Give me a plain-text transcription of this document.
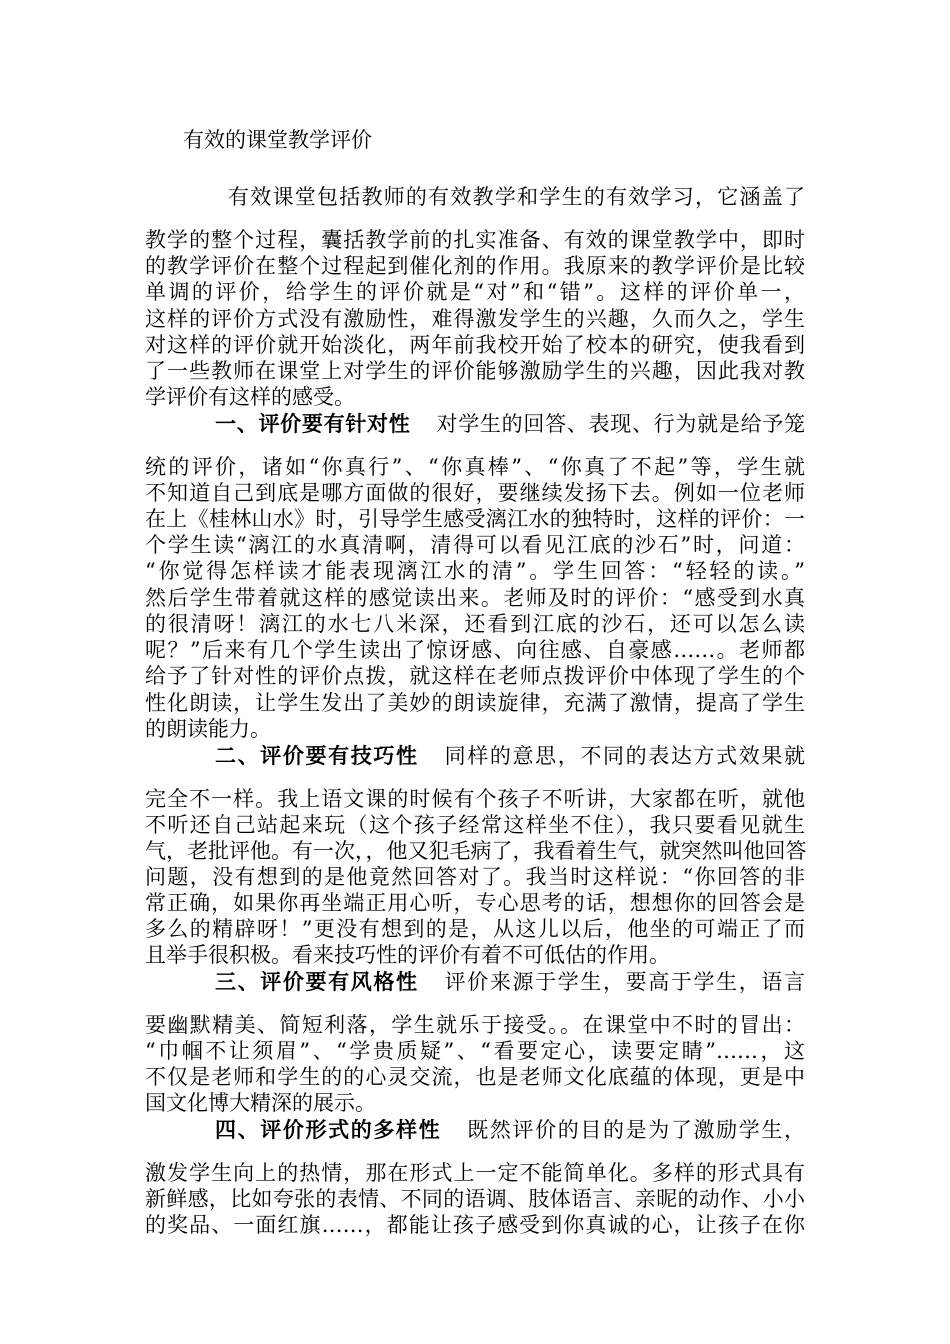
有效的课堂教学评价
有效课堂包括教师的有效教学和学生的有效学习，它涵盖了
教学的整个过程，囊括教学前的扎实准备、有效的课堂教学中，即时
的教学评价在整个过程起到催化剂的作用。我原来的教学评价是比较
单调的评价，给学生的评价就是“对”和“错”。这样的评价单一，
这样的评价方式没有激励性，难得激发学生的兴趣，久而久之，学生
对这样的评价就开始淡化，两年前我校开始了校本的研究，使我看到
了一些教师在课堂上对学生的评价能够激励学生的兴趣，因此我对教
学评价有这样的感受。
一、评价要有针对性 对学生的回答、表现、行为就是给予笼
统的评价，诸如“你真行”、“你真棒”、“你真了不起”等，学生就
不知道自己到底是哪方面做的很好，要继续发扬下去。例如一位老师
在上《桂林山水》时，引导学生感受漓江水的独特时，这样的评价：一
个学生读“漓江的水真清啊，清得可以看见江底的沙石”时，问道：
“你觉得怎样读才能表现漓江水的清”。学生回答：“轻轻的读。”
然后学生带着就这样的感觉读出来。老师及时的评价：“感受到水真
的很清呀！漓江的水七八米深，还看到江底的沙石，还可以怎么读
呢？”后来有几个学生读出了惊讶感、向往感、自豪感……。老师都
给予了针对性的评价点拨，就这样在老师点拨评价中体现了学生的个
性化朗读，让学生发出了美妙的朗读旋律，充满了激情，提高了学生
的朗读能力。
二、评价要有技巧性 同样的意思，不同的表达方式效果就
完全不一样。我上语文课的时候有个孩子不听讲，大家都在听，就他
不听还自己站起来玩（这个孩子经常这样坐不住），我只要看见就生
气，老批评他。有一次，，他又犯毛病了，我看着生气，就突然叫他回答
问题，没有想到的是他竟然回答对了。我当时这样说：“你回答的非
常正确，如果你再坐端正用心听，专心思考的话，想想你的回答会是
多么的精辟呀！”更没有想到的是，从这儿以后，他坐的可端正了而
且举手很积极。看来技巧性的评价有着不可低估的作用。
三、评价要有风格性 评价来源于学生，要高于学生，语言
要幽默精美、简短利落，学生就乐于接受。。在课堂中不时的冒出：
“巾帼不让须眉”、“学贵质疑”、“看要定心，读要定睛”……，这
不仅是老师和学生的的心灵交流，也是老师文化底蕴的体现，更是中
国文化博大精深的展示。
四、评价形式的多样性 既然评价的目的是为了激励学生，
激发学生向上的热情，那在形式上一定不能简单化。多样的形式具有
新鲜感，比如夸张的表情、不同的语调、肢体语言、亲昵的动作、小小
的奖品、一面红旗……，都能让孩子感受到你真诚的心，让孩子在你
